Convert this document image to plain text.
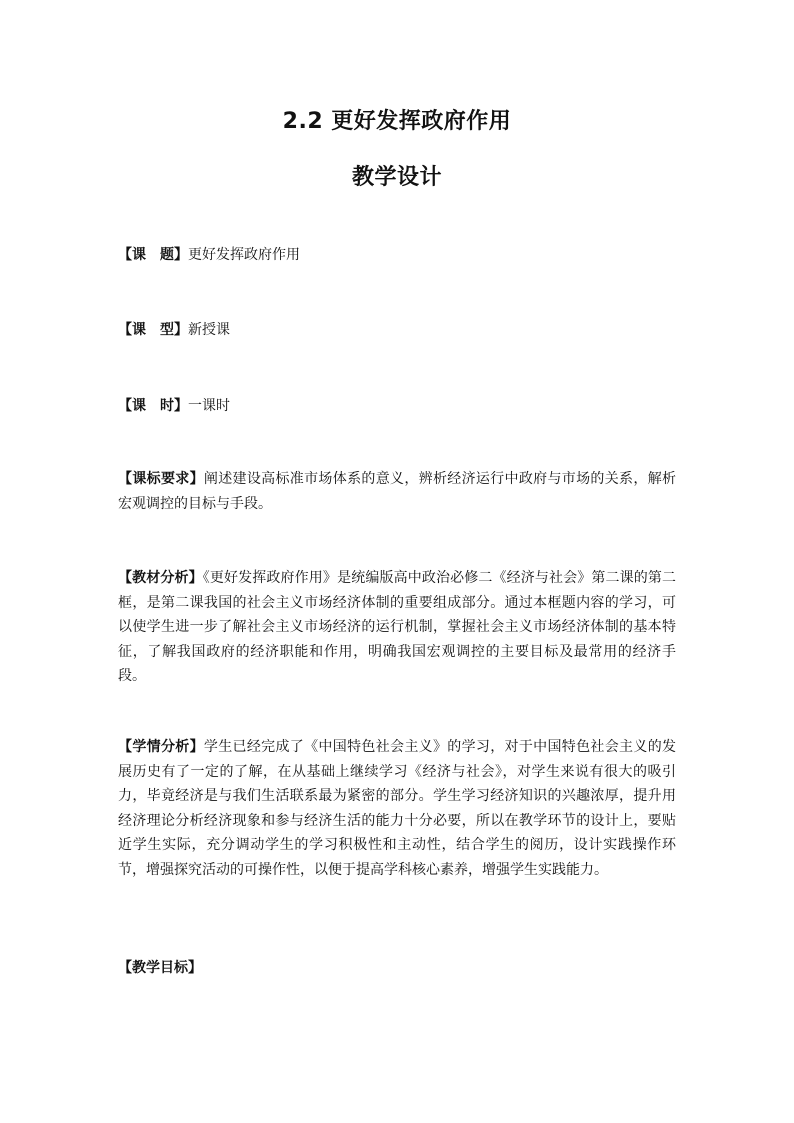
2.2 更好发挥政府作用
教学设计
【课　题】更好发挥政府作用
【课　型】新授课
【课　时】一课时
【课标要求】阐述建设高标准市场体系的意义，辨析经济运行中政府与市场的关系，解析宏观调控的目标与手段。
【教材分析】《更好发挥政府作用》是统编版高中政治必修二《经济与社会》第二课的第二框，是第二课我国的社会主义市场经济体制的重要组成部分。通过本框题内容的学习，可以使学生进一步了解社会主义市场经济的运行机制，掌握社会主义市场经济体制的基本特征，了解我国政府的经济职能和作用，明确我国宏观调控的主要目标及最常用的经济手段。
【学情分析】学生已经完成了《中国特色社会主义》的学习，对于中国特色社会主义的发展历史有了一定的了解，在从基础上继续学习《经济与社会》，对学生来说有很大的吸引力，毕竟经济是与我们生活联系最为紧密的部分。学生学习经济知识的兴趣浓厚，提升用经济理论分析经济现象和参与经济生活的能力十分必要，所以在教学环节的设计上，要贴近学生实际，充分调动学生的学习积极性和主动性，结合学生的阅历，设计实践操作环节，增强探究活动的可操作性，以便于提高学科核心素养，增强学生实践能力。
【教学目标】
